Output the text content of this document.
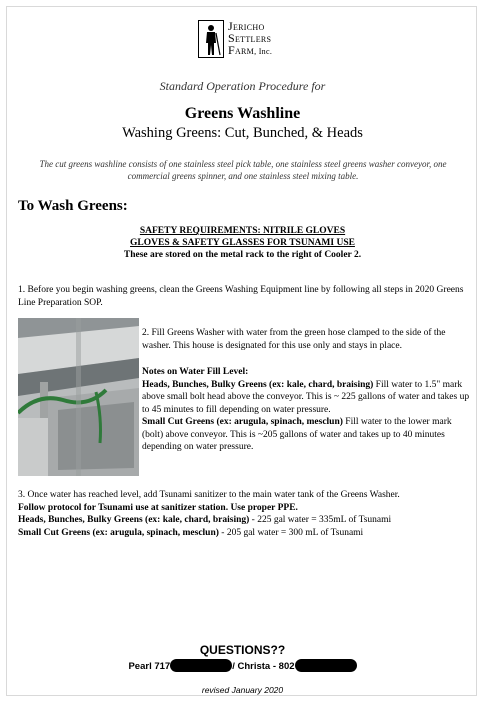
Jericho
Settlers
Farm, Inc.
Standard Operation Procedure for
Greens Washline
Washing Greens: Cut, Bunched, & Heads
The cut greens washline consists of one stainless steel pick table, one stainless steel greens washer conveyor, one commercial greens spinner, and one stainless steel mixing table.
To Wash Greens:
SAFETY REQUIREMENTS: NITRILE GLOVES
GLOVES & SAFETY GLASSES FOR TSUNAMI USE
These are stored on the metal rack to the right of Cooler 2.
1. Before you begin washing greens, clean the Greens Washing Equipment line by following all steps in 2020 Greens Line Preparation SOP.

2. Fill Greens Washer with water from the green hose clamped to the side of the washer. This house is designated for this use only and stays in place.

Notes on Water Fill Level:

Heads, Bunches, Bulky Greens (ex: kale, chard, braising) Fill water to 1.5" mark above small bolt head above the conveyor. This is ~ 225 gallons of water and takes up to 45 minutes to fill depending on water pressure.

Small Cut Greens (ex: arugula, spinach, mesclun) Fill water to the lower mark (bolt) above conveyor. This is ~205 gallons of water and takes up to 40 minutes depending on water pressure.

3. Once water has reached level, add Tsunami sanitizer to the main water tank of the Greens Washer.

Follow protocol for Tsunami use at sanitizer station. Use proper PPE.

Heads, Bunches, Bulky Greens (ex: kale, chard, braising) - 225 gal water = 335mL of Tsunami

Small Cut Greens (ex: arugula, spinach, mesclun) - 205 gal water = 300 mL of Tsunami

QUESTIONS??
Pearl 717	/ Christa - 802
revised January 2020
